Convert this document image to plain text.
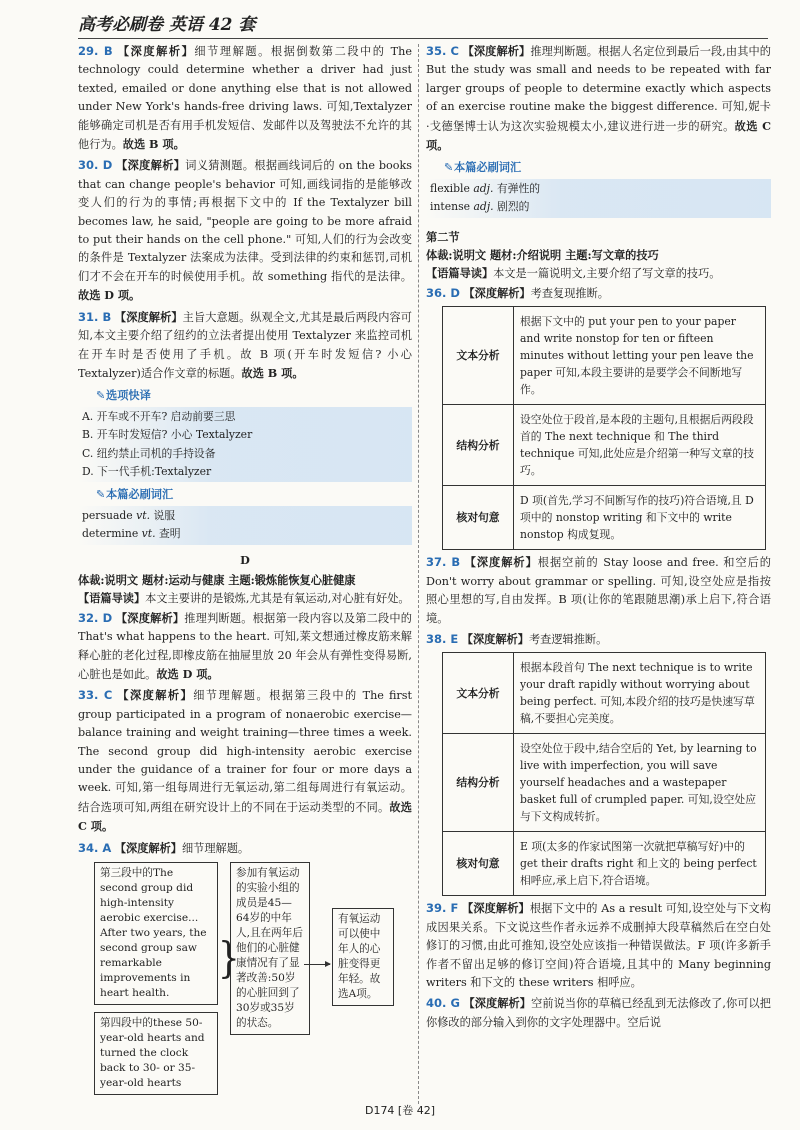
高考必刷卷 英语 42 套
29. B 【深度解析】细节理解题。根据倒数第二段中的 The technology could determine whether a driver had just texted, emailed or done anything else that is not allowed under New York's hands-free driving laws. 可知,Textalyzer 能够确定司机是否有用手机发短信、发邮件以及驾驶法不允许的其他行为。故选 B 项。
30. D 【深度解析】词义猜测题。根据画线词后的 on the books that can change people's behavior 可知,画线词指的是能够改变人们的行为的事情;再根据下文中的 If the Textalyzer bill becomes law, he said, "people are going to be more afraid to put their hands on the cell phone." 可知,人们的行为会改变的条件是 Textalyzer 法案成为法律。受到法律的约束和惩罚,司机们才不会在开车的时候使用手机。故 something 指代的是法律。故选 D 项。
31. B 【深度解析】主旨大意题。纵观全文,尤其是最后两段内容可知,本文主要介绍了纽约的立法者提出使用 Textalyzer 来监控司机在开车时是否使用了手机。故 B 项(开车时发短信? 小心 Textalyzer)适合作文章的标题。故选 B 项。
✎选项快译
A. 开车或不开车? 启动前要三思
B. 开车时发短信? 小心 Textalyzer
C. 纽约禁止司机的手持设备
D. 下一代手机:Textalyzer
✎本篇必刷词汇
persuade vt. 说服
determine vt. 查明
D
体裁:说明文 题材:运动与健康 主题:锻炼能恢复心脏健康
【语篇导读】本文主要讲的是锻炼,尤其是有氧运动,对心脏有好处。
32. D 【深度解析】推理判断题。根据第一段内容以及第二段中的 That's what happens to the heart. 可知,莱文想通过橡皮筋来解释心脏的老化过程,即橡皮筋在抽屉里放 20 年会从有弹性变得易断,心脏也是如此。故选 D 项。
33. C 【深度解析】细节理解题。根据第三段中的 The first group participated in a program of nonaerobic exercise—balance training and weight training—three times a week. The second group did high-intensity aerobic exercise under the guidance of a trainer for four or more days a week. 可知,第一组每周进行无氧运动,第二组每周进行有氧运动。结合选项可知,两组在研究设计上的不同在于运动类型的不同。故选 C 项。
34. A 【深度解析】细节理解题。
第三段中的The second group did high-intensity aerobic exercise... After two years, the second group saw remarkable improvements in heart health.
第四段中的these 50-year-old hearts and turned the clock back to 30- or 35-year-old hearts
参加有氧运动的实验小组的成员是45—64岁的中年人,且在两年后他们的心脏健康情况有了显著改善:50岁的心脏回到了30岁或35岁的状态。
有氧运动可以使中年人的心脏变得更年轻。故选A项。
}
35. C 【深度解析】推理判断题。根据人名定位到最后一段,由其中的 But the study was small and needs to be repeated with far larger groups of people to determine exactly which aspects of an exercise routine make the biggest difference. 可知,妮卡·戈德堡博士认为这次实验规模太小,建议进行进一步的研究。故选 C 项。
✎本篇必刷词汇
flexible adj. 有弹性的
intense adj. 剧烈的
第二节
体裁:说明文 题材:介绍说明 主题:写文章的技巧
【语篇导读】本文是一篇说明文,主要介绍了写文章的技巧。
36. D 【深度解析】考查复现推断。
文本分析	根据下文中的 put your pen to your paper and write nonstop for ten or fifteen minutes without letting your pen leave the paper 可知,本段主要讲的是要学会不间断地写作。
结构分析	设空处位于段首,是本段的主题句,且根据后两段段首的 The next technique 和 The third technique 可知,此处应是介绍第一种写文章的技巧。
核对句意	D 项(首先,学习不间断写作的技巧)符合语境,且 D 项中的 nonstop writing 和下文中的 write nonstop 构成复现。
37. B 【深度解析】根据空前的 Stay loose and free. 和空后的 Don't worry about grammar or spelling. 可知,设空处应是指按照心里想的写,自由发挥。B 项(让你的笔跟随思潮)承上启下,符合语境。
38. E 【深度解析】考查逻辑推断。
文本分析	根据本段首句 The next technique is to write your draft rapidly without worrying about being perfect. 可知,本段介绍的技巧是快速写草稿,不要担心完美度。
结构分析	设空处位于段中,结合空后的 Yet, by learning to live with imperfection, you will save yourself headaches and a wastepaper basket full of crumpled paper. 可知,设空处应与下文构成转折。
核对句意	E 项(太多的作家试图第一次就把草稿写好)中的 get their drafts right 和上文的 being perfect 相呼应,承上启下,符合语境。
39. F 【深度解析】根据下文中的 As a result 可知,设空处与下文构成因果关系。下文说这些作者永远养不成删掉大段草稿然后在空白处修订的习惯,由此可推知,设空处应该指一种错误做法。F 项(许多新手作者不留出足够的修订空间)符合语境,且其中的 Many beginning writers 和下文的 these writers 相呼应。
40. G 【深度解析】空前说当你的草稿已经乱到无法修改了,你可以把你修改的部分输入到你的文字处理器中。空后说
D174 [卷 42]
